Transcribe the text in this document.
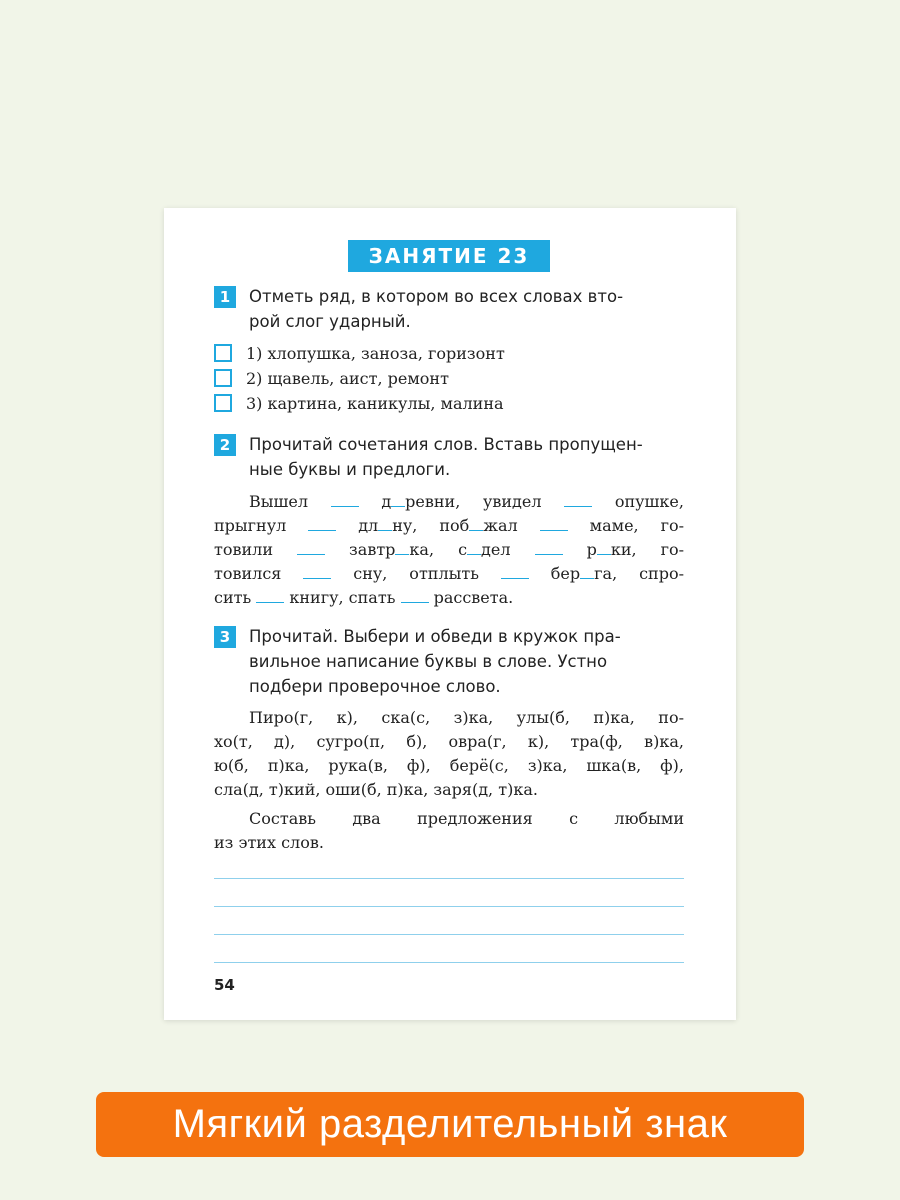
ЗАНЯТИЕ 23
1	Отметь ряд, в котором во всех словах вто-
рой слог ударный.
1) хлопушка, заноза, горизонт
2) щавель, аист, ремонт
3) картина, каникулы, малина
2	Прочитай сочетания слов. Вставь пропущен-
ные буквы и предлоги.
Вышел	д ревни, увидел	опушке,
прыгнул	дл ну, поб жал	маме, го-
товили	завтр ка, с дел	р ки, го-
товился	сну, отплыть	бер га, спро-
сить книгу, спать рассвета.
3	Прочитай. Выбери и обведи в кружок пра-
вильное написание буквы в слове. Устно
подбери проверочное слово.
Пиро(г, к), ска(с, з)ка, улы(б, п)ка, по-
хо(т, д), сугро(п, б), овра(г, к), тра(ф, в)ка,
ю(б, п)ка, рука(в, ф), берё(с, з)ка, шка(в, ф),
сла(д, т)кий, оши(б, п)ка, заря(д, т)ка.
Составь два предложения с любыми
из этих слов.
54
Мягкий разделительный знак
